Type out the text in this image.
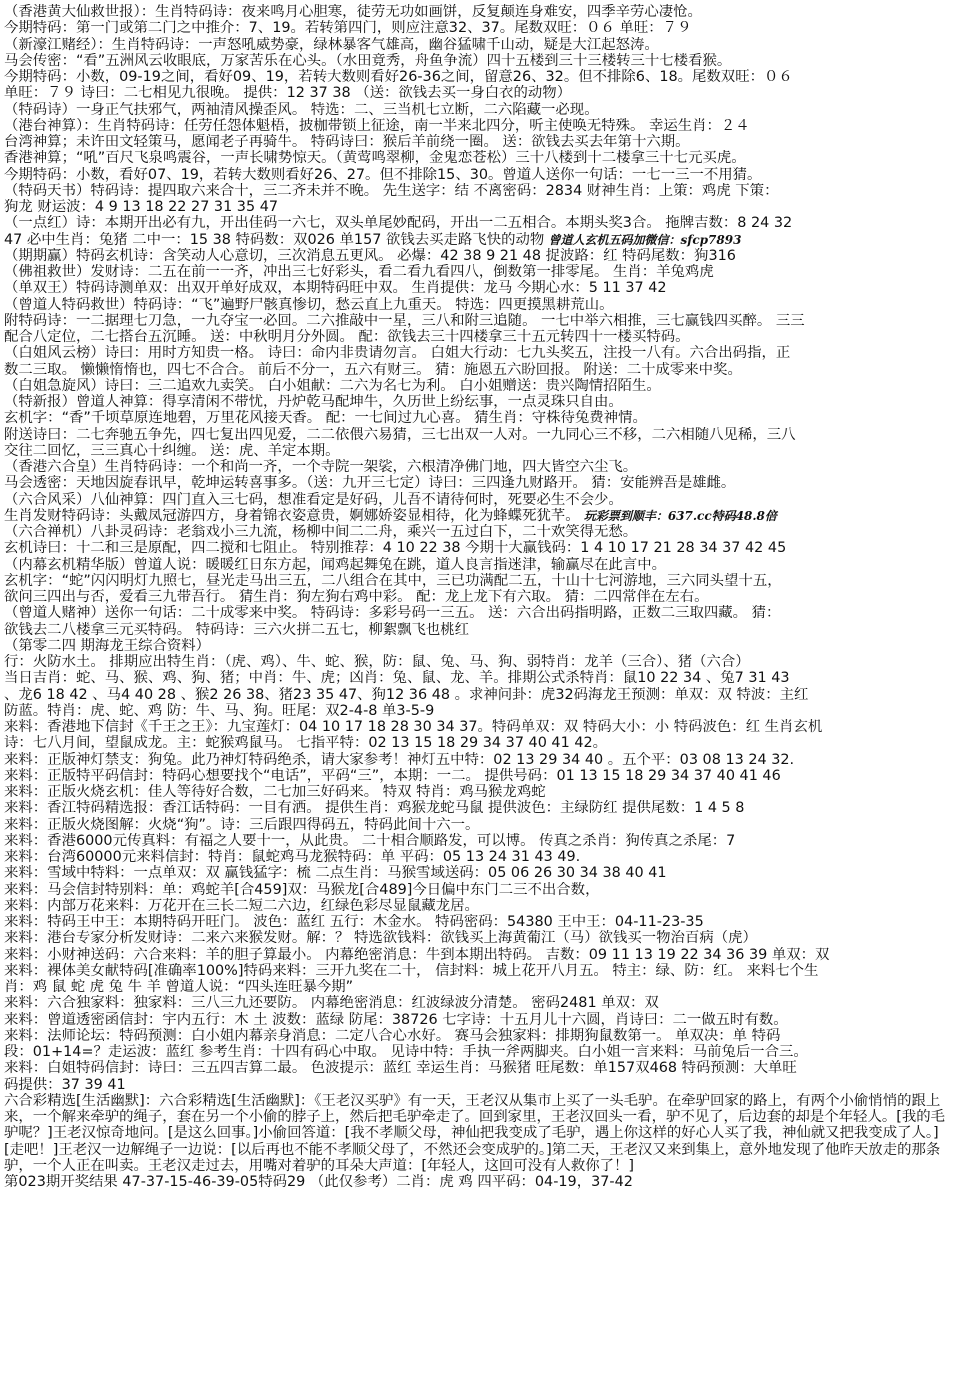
（香港黄大仙救世报）：生肖特码诗：夜来鸣月心胆寒，徒劳无功如画饼，反复颠连身难安，四季辛劳心凄怆。
今期特码：第一门或第二门之中推介：7、19。若转第四门，则应注意32、37。尾数双旺：０６ 单旺：７９
（新濠江赌经）：生肖特码诗：一声怒吼威势豪，绿林暴客气雄高，幽谷猛啸千山动，疑是大江起怒涛。
马会传密：“看”五洲风云收眼底，万家苦乐在心头。（水田竟秀，舟鱼争流）四十五楼到三十三楼转三十七楼看猴。
今期特码：小数，09-19之间，看好09、19，若转大数则看好26-36之间，留意26、32。但不排除6、18。尾数双旺：０６
单旺：７９ 诗曰：二七相见九很晚。 提供：12 37 38 （送：欲钱去买一身白衣的动物）
（特码诗）一身正气扶邪气，两袖清风操歪风。 特选：二、三当机七立断，二六陷藏一必现。
（港台神算）：生肖特码诗：任劳任怨体魁梧，披枷带锁上征途，南一半来北四分，听主使唤无特殊。 幸运生肖：２４
台湾神算；未许田文轻策马，愿闻老子再骑牛。 特码诗曰：猴后羊前绕一圈。 送：欲钱去买去年第十六期。
香港神算；“吼”百尺飞泉鸣震谷，一声长啸势惊天。（黄莺鸣翠柳，金鬼恋苍松）三十八楼到十二楼拿三十七元买虎。
今期特码：小数，看好07、19，若转大数则看好26、27。但不排除15、30。曾道人送你一句话：一七一三一不用猜。
（特码天书）特码诗：提四取六来合十，三二齐未并不晚。 先生送字：结 不离密码：2834 财神生肖：上策：鸡虎 下策：
狗龙 财运波：4 9 13 18 22 27 31 35 47
（一点红）诗：本期开出必有九，开出佳码一六七，双头单尾妙配码，开出一二五相合。本期头奖3合。 拖牌吉数：8 24 32
47 必中生肖：兔猪 二中一：15 38 特码数：双026 单157 欲钱去买走路飞快的动物 曾道人玄机五码加微信：sfcp7893
（期期赢）特码玄机诗：含笑动人心意切，三次消息五更风。 必爆：42 38 9 21 48 捉波路：红 特码尾数：狗316
（佛祖救世）发财诗：二五在前一一齐，冲出三七好彩头，看二看九看四八，倒数第一排零尾。 生肖：羊兔鸡虎
（单双王）特码诗测单双：出双开单好成双，本期特码旺中双。 生肖提供：龙马 今期心水：5 11 37 42
（曾道人特码救世）特码诗：“飞”遍野尸骸真惨切，愁云直上九重天。 特选：四更摸黑耕荒山。
附特码诗：一二据理七刀急，一九夺宝一必回。二六推敲中一星，三八和附三追随。 一七中举六相推，三七赢钱四买醉。 三三
配合八定位，二七搭台五沉睡。 送：中秋明月分外圆。 配：欲钱去三十四楼拿三十五元转四十一楼买特码。
（白姐风云榜）诗曰：用时方知贵一格。 诗曰：命内非贵请勿言。 白姐大行动：七九头奖五，注投一八有。六合出码指，正
数二三取。 懒懒惰惰也，四七不合合。 前后不分一，五六有财三。 猜：施恩五六盼回报。 附送：二十成零来中奖。
（白姐急旋风）诗曰：三二追欢九卖笑。 白小姐献：二六为名七为利。 白小姐赠送：贵兴陶情招陌生。
（特新报）曾道人神算：得享清闲不带忧，丹炉乾马配坤牛，久历世上纷纭事，一点灵珠只自由。
玄机字：“香”千顷草原连地碧，万里花风接天香。 配：一七间过九心喜。 猜生肖：守株待兔费神情。
附送诗曰：二七奔驰五争先，四七复出四见爱，二二依偎六易猜，三七出双一人对。一九同心三不移，二六相随八见稀，三八
交往二回忆，三三真心十纠缠。 送：虎、羊定本期。
（香港六合皇）生肖特码诗：一个和尚一齐，一个寺院一架裟，六根清净佛门地，四大皆空六尘飞。
马会透密：天地因旋春讯早，乾坤运转喜事多。（送：九开三七定）诗曰：三四逢九财路开。 猜：安能辨吾是雄雌。
（六合风采）八仙神算：四门直入三七码，想准看定是好码，儿吾不请待何时，死要必生不会少。
生肖发财特码诗：头戴凤冠游四方，身着锦衣姿意贵，婀娜娇姿显相待，化为蜂蝶死犹芊。 玩彩票到顺丰：637.cc特码48.8倍
（六合禅机）八卦灵码诗：老翁戏小三九流，杨柳中间二二舟，乘兴一五过白下，二十欢笑得无愁。
玄机诗曰：十二和三是原配，四二搅和七阻止。 特别推荐：4 10 22 38 今期十大赢钱码：1 4 10 17 21 28 34 37 42 45
（内幕玄机精华版）曾道人说：暖暖红日东方起，闻鸡起舞兔在跳，道人良言指迷津，输赢尽在此言中。
玄机字：“蛇”闪闪明灯九照七，昼光走马出三五，二八组合在其中，三已功满配二五，十山十七河游地，三六同头望十五，
欲问三四出与否，爱看三九带吾行。 猜生肖：狗左狗右鸡中彩。 配：龙上龙下有六取。 猜：二四常伴在左右。
（曾道人赌神）送你一句话：二十成零来中奖。 特码诗：多彩号码一三五。 送：六合出码指明路，正数二三取四藏。 猜：
欲钱去二八楼拿三元买特码。 特码诗：三六火拼二五七，柳絮飘飞也桃红
（第零二四 期海龙王综合资料）
行：火防水土。 排期应出特生肖：（虎、鸡）、牛、蛇、猴，防：鼠、兔、马、狗、弱特肖：龙羊（三合）、猪（六合）
当日吉肖：蛇、马、猴、鸡、狗、猪；中肖：牛、虎；凶肖：兔、鼠、龙、羊。排期公式杀特肖：鼠10 22 34 、兔7 31 43
、龙6 18 42 、马4 40 28 、猴2 26 38、猪23 35 47、狗12 36 48 。求神问卦：虎32码海龙王预测：单双：双 特波：主红
防蓝。特肖：虎、蛇、鸡 防：牛、马、狗。旺尾：双2-4-8 单3-5-9
来料：香港地下信封《千王之王》：九宝莲灯：04 10 17 18 28 30 34 37。特码单双：双 特码大小：小 特码波色：红 生肖玄机
诗：七八月间，望鼠成龙。主：蛇猴鸡鼠马。 七指平特：02 13 15 18 29 34 37 40 41 42。
来料：正版神灯禁支：狗兔。此乃神灯特码绝杀，请大家参考！神灯五中特：02 13 29 34 40 。五个平：03 08 13 24 32.
来料：正版特平码信封：特码心想要找个“电话”，平码“三”，本期：一二。 提供号码：01 13 15 18 29 34 37 40 41 46
来料：正版火烧玄机：佳人等待好合数，二七加三好码来。 特双 特肖：鸡马猴龙鸡蛇
来料：香江特码精选报：香江话特码：一目有洒。 提供生肖：鸡猴龙蛇马鼠 提供波色：主绿防红 提供尾数：1 4 5 8
来料：正版火烧图解：火烧“狗”。诗：三后跟四得码五，特码此间十六一。
来料：香港6000元传真料：有福之人要十一，从此贵。 二十相合顺路发，可以博。 传真之杀肖：狗传真之杀尾：7
来料：台湾60000元来料信封：特肖：鼠蛇鸡马龙猴特码：单 平码：05 13 24 31 43 49.
来料：雪域中特料：一点单双：双 赢钱猛字：梳 二点生肖：马猴雪域送码：05 06 26 30 34 38 40 41
来料：马会信封特别料：单：鸡蛇羊[合459]双：马猴龙[合489]今日偏中东门二三不出合数，
来料：内部万花来料：万花开在三长二短二六边，红绿色彩尽显鼠藏龙居。
来料：特码王中王：本期特码开旺门。 波色：蓝红 五行：木金水。 特码密码：54380 王中王：04-11-23-35
来料：港台专家分析发财诗：二来六来猴发财。解：？ 特选欲钱料：欲钱买上海黄葡江（马）欲钱买一物治百病（虎）
来料：小财神送码：六合来料：羊的胆子算最小。 内幕绝密消息：牛到本期出特码。 吉数：09 11 13 19 22 34 36 39 单双：双
来料：裸体美女献特码[准确率100%]特码来料：三开九奖在二十， 信封料：城上花开八月五。 特主：绿、防：红。 来料七个生
肖：鸡 鼠 蛇 虎 兔 牛 羊 曾道人说：“四头连旺暴今期”
来料：六合独家料：独家料：三八三九还要防。 内幕绝密消息：红波绿波分清楚。 密码2481 单双：双
来料：曾道透密函信封：宇内五行：木 土 波数：蓝绿 防尾：38726 七字诗：十五月儿十六圆，肖诗曰：二一做五时有数。
来料：法师论坛：特码预测：白小姐内幕亲身消息：二定八合心水好。 赛马会独家料：排期狗鼠数第一。 单双决：单 特码
段：01+14=？走运波：蓝红 参考生肖：十四有码心中取。 见诗中特：手执一斧两脚夹。白小姐一言来料：马前兔后一合三。
来料：白姐特码信封：诗曰：三五四吉算二最。 色波提示：蓝红 幸运生肖：马猴猪 旺尾数：单157双468 特码预测：大单旺
码提供：37 39 41
六合彩精选[生活幽默]：六合彩精选[生活幽默]：《王老汉买驴》有一天，王老汉从集市上买了一头毛驴。在牵驴回家的路上，有两个小偷悄悄的跟上来，一个解来牵驴的绳子，套在另一个小偷的脖子上，然后把毛驴牵走了。回到家里，王老汉回头一看，驴不见了，后边套的却是个年轻人。[我的毛驴呢？]王老汉惊奇地问。[是这么回事。]小偷回答道：[我不孝顺父母，神仙把我变成了毛驴，遇上你这样的好心人买了我，神仙就又把我变成了人。][走吧！]王老汉一边解绳子一边说：[以后再也不能不孝顺父母了，不然还会变成驴的。]第二天，王老汉又来到集上，意外地发现了他昨天放走的那条驴，一个人正在叫卖。王老汉走过去，用嘴对着驴的耳朵大声道：[年轻人，这回可没有人救你了！]
第023期开奖结果 47-37-15-46-39-05特码29 （此仅参考）二肖：虎 鸡 四平码：04-19，37-42
